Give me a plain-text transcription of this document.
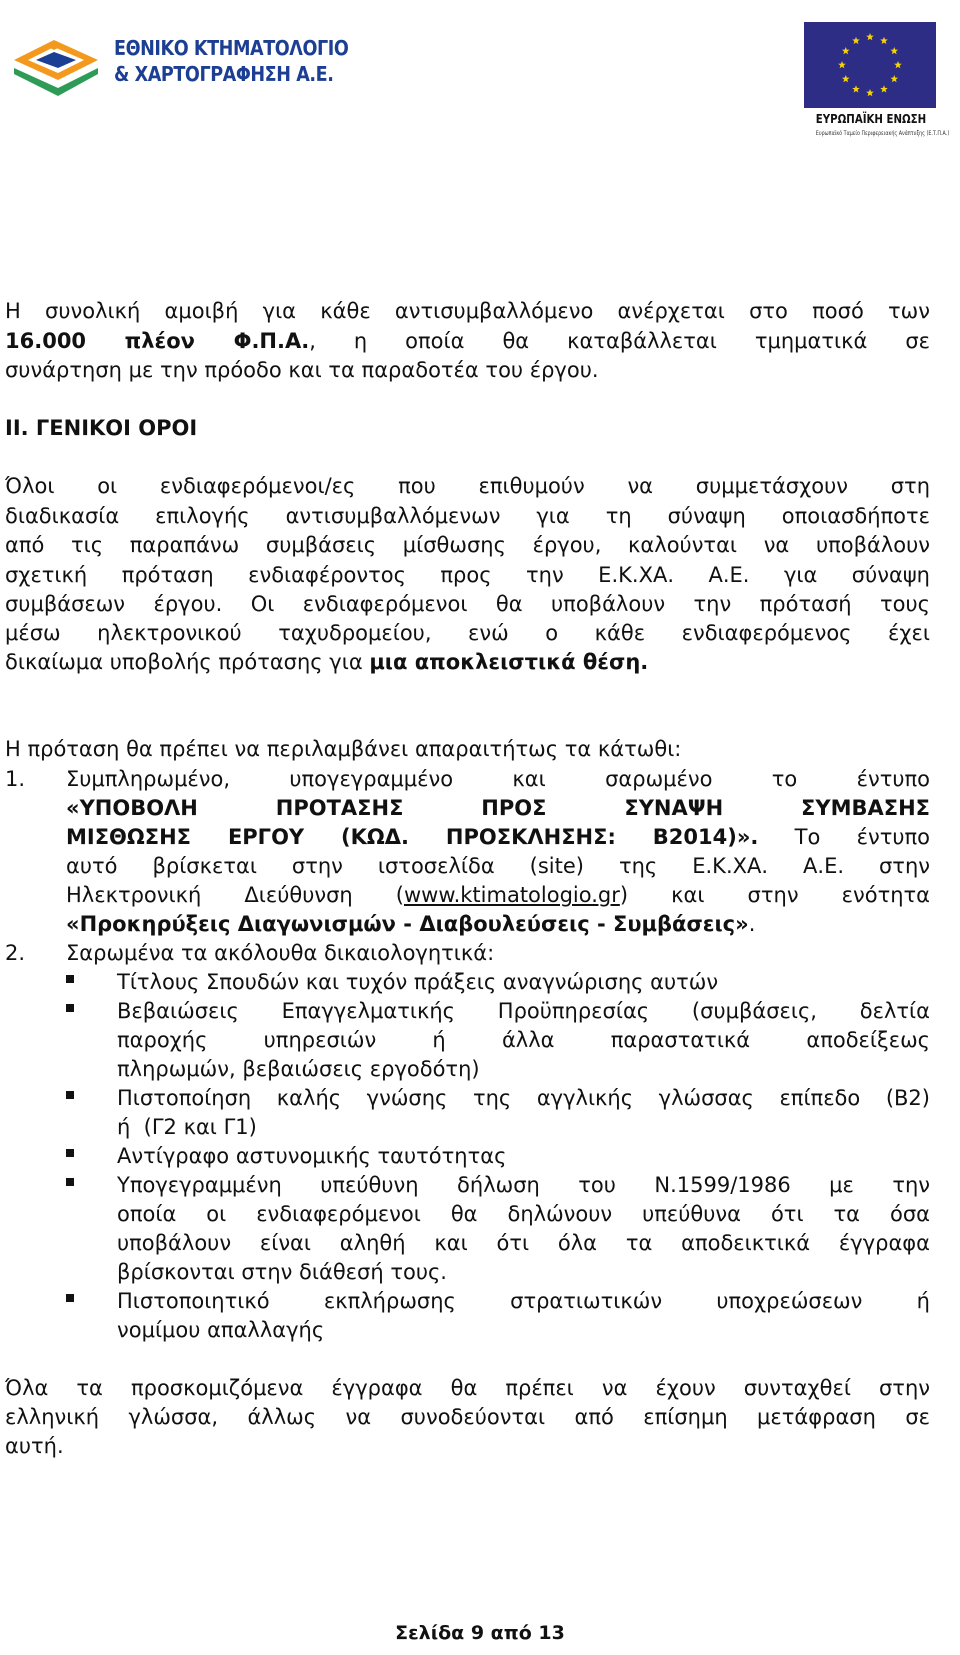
ΕΘΝΙΚΟ ΚΤΗΜΑΤΟΛΟΓΙΟ
& ΧΑΡΤΟΓΡΑΦΗΣΗ Α.Ε.
ΕΥΡΩΠΑΪΚΗ ΕΝΩΣΗ
Ευρωπαϊκό Ταμείο Περιφερειακής Ανάπτυξης (Ε.Τ.Π.Α.)
Η συνολική αμοιβή για κάθε αντισυμβαλλόμενο ανέρχεται στο ποσό των
16.000 πλέον Φ.Π.Α., η οποία θα καταβάλλεται τμηματικά σε
συνάρτηση με την πρόοδο και τα παραδοτέα του έργου.
II. ΓΕΝΙΚΟΙ ΟΡΟΙ
Όλοι οι ενδιαφερόμενοι/ες που επιθυμούν να συμμετάσχουν στη
διαδικασία επιλογής αντισυμβαλλόμενων για τη σύναψη οποιασδήποτε
από τις παραπάνω συμβάσεις μίσθωσης έργου, καλούνται να υποβάλουν
σχετική πρόταση ενδιαφέροντος προς την Ε.Κ.ΧΑ. Α.Ε. για σύναψη
συμβάσεων έργου. Οι ενδιαφερόμενοι θα υποβάλουν την πρότασή τους
μέσω ηλεκτρονικού ταχυδρομείου, ενώ ο κάθε ενδιαφερόμενος έχει
δικαίωμα υποβολής πρότασης για μια αποκλειστικά θέση.
Η πρόταση θα πρέπει να περιλαμβάνει απαραιτήτως τα κάτωθι:
1. Συμπληρωμένο, υπογεγραμμένο και σαρωμένο το έντυπο
«ΥΠΟΒΟΛΗ ΠΡΟΤΑΣΗΣ ΠΡΟΣ ΣΥΝΑΨΗ ΣΥΜΒΑΣΗΣ
ΜΙΣΘΩΣΗΣ ΕΡΓΟΥ (ΚΩΔ. ΠΡΟΣΚΛΗΣΗΣ: Β2014)». Το έντυπο
αυτό βρίσκεται στην ιστοσελίδα (site) της Ε.Κ.ΧΑ. Α.Ε. στην
Ηλεκτρονική Διεύθυνση (www.ktimatologio.gr) και στην ενότητα
«Προκηρύξεις Διαγωνισμών - Διαβουλεύσεις - Συμβάσεις».
2. Σαρωμένα τα ακόλουθα δικαιολογητικά:
Τίτλους Σπουδών και τυχόν πράξεις αναγνώρισης αυτών
Βεβαιώσεις Επαγγελματικής Προϋπηρεσίας (συμβάσεις, δελτία
παροχής υπηρεσιών ή άλλα παραστατικά αποδείξεως
πληρωμών, βεβαιώσεις εργοδότη)
Πιστοποίηση καλής γνώσης της αγγλικής γλώσσας επίπεδο (Β2)
ή  (Γ2 και Γ1)
Αντίγραφο αστυνομικής ταυτότητας
Υπογεγραμμένη υπεύθυνη δήλωση του Ν.1599/1986 με την
οποία οι ενδιαφερόμενοι θα δηλώνουν υπεύθυνα ότι τα όσα
υποβάλουν είναι αληθή και ότι όλα τα αποδεικτικά έγγραφα
βρίσκονται στην διάθεσή τους.
Πιστοποιητικό εκπλήρωσης στρατιωτικών υποχρεώσεων ή
νομίμου απαλλαγής
Όλα τα προσκομιζόμενα έγγραφα θα πρέπει να έχουν συνταχθεί στην
ελληνική γλώσσα, άλλως να συνοδεύονται από επίσημη μετάφραση σε
αυτή.
Σελίδα 9 από 13
